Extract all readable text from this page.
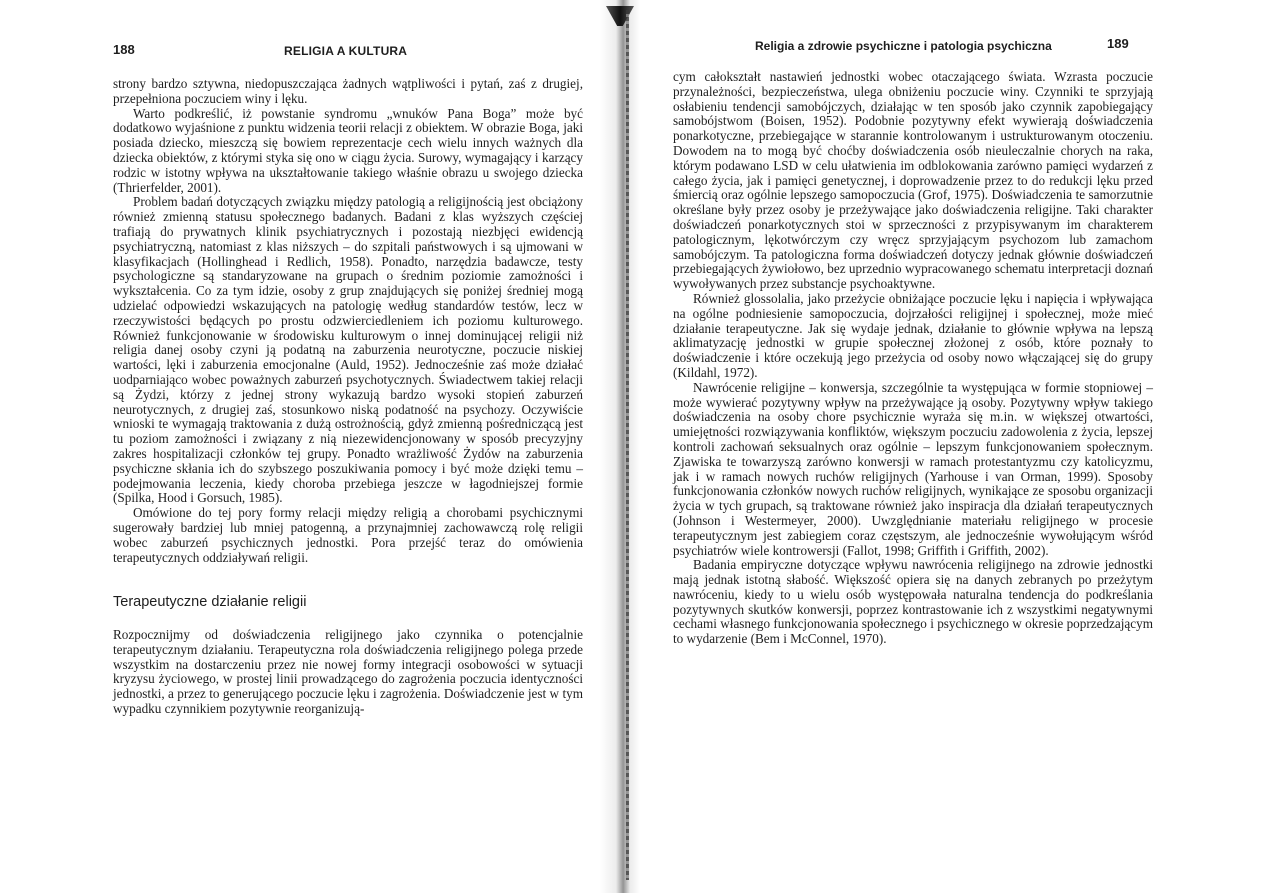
188	RELIGIA A KULTURA

strony bardzo sztywna, niedopuszczająca żadnych wątpliwości i pytań, zaś z drugiej, przepełniona poczuciem winy i lęku.

Warto podkreślić, iż powstanie syndromu „wnuków Pana Boga” może być dodatkowo wyjaśnione z punktu widzenia teorii relacji z obiektem. W obrazie Boga, jaki posiada dziecko, mieszczą się bowiem reprezentacje cech wielu innych ważnych dla dziecka obiektów, z którymi styka się ono w ciągu życia. Surowy, wymagający i karzący rodzic w istotny wpływa na ukształtowanie takiego właśnie obrazu u swojego dziecka (Thrierfelder, 2001).

Problem badań dotyczących związku między patologią a religijnością jest obciążony również zmienną statusu społecznego badanych. Badani z klas wyższych częściej trafiają do prywatnych klinik psychiatrycznych i pozostają niezbjęci ewidencją psychiatryczną, natomiast z klas niższych – do szpitali państwowych i są ujmowani w klasyfikacjach (Hollinghead i Redlich, 1958). Ponadto, narzędzia badawcze, testy psychologiczne są standaryzowane na grupach o średnim poziomie zamożności i wykształcenia. Co za tym idzie, osoby z grup znajdujących się poniżej średniej mogą udzielać odpowiedzi wskazujących na patologię według standardów testów, lecz w rzeczywistości będących po prostu odzwierciedleniem ich poziomu kulturowego. Również funkcjonowanie w środowisku kulturowym o innej dominującej religii niż religia danej osoby czyni ją podatną na zaburzenia neurotyczne, poczucie niskiej wartości, lęki i zaburzenia emocjonalne (Auld, 1952). Jednocześnie zaś może działać uodparniająco wobec poważnych zaburzeń psychotycznych. Świadectwem takiej relacji są Żydzi, którzy z jednej strony wykazują bardzo wysoki stopień zaburzeń neurotycznych, z drugiej zaś, stosunkowo niską podatność na psychozy. Oczywiście wnioski te wymagają traktowania z dużą ostrożnością, gdyż zmienną pośredniczącą jest tu poziom zamożności i związany z nią niezewidencjonowany w sposób precyzyjny zakres hospitalizacji członków tej grupy. Ponadto wrażliwość Żydów na zaburzenia psychiczne skłania ich do szybszego poszukiwania pomocy i być może dzięki temu – podejmowania leczenia, kiedy choroba przebiega jeszcze w łagodniejszej formie (Spilka, Hood i Gorsuch, 1985).

Omówione do tej pory formy relacji między religią a chorobami psychicznymi sugerowały bardziej lub mniej patogenną, a przynajmniej zachowawczą rolę religii wobec zaburzeń psychicznych jednostki. Pora przejść teraz do omówienia terapeutycznych oddziaływań religii.

Terapeutyczne działanie religii

Rozpocznijmy od doświadczenia religijnego jako czynnika o potencjalnie terapeutycznym działaniu. Terapeutyczna rola doświadczenia religijnego polega przede wszystkim na dostarczeniu przez nie nowej formy integracji osobowości w sytuacji kryzysu życiowego, w prostej linii prowadzącego do zagrożenia poczucia identyczności jednostki, a przez to generującego poczucie lęku i zagrożenia. Doświadczenie jest w tym wypadku czynnikiem pozytywnie reorganizują-

Religia a zdrowie psychiczne i patologia psychiczna	189

cym całokształt nastawień jednostki wobec otaczającego świata. Wzrasta poczucie przynależności, bezpieczeństwa, ulega obniżeniu poczucie winy. Czynniki te sprzyjają osłabieniu tendencji samobójczych, działając w ten sposób jako czynnik zapobiegający samobójstwom (Boisen, 1952). Podobnie pozytywny efekt wywierają doświadczenia ponarkotyczne, przebiegające w starannie kontrolowanym i ustrukturowanym otoczeniu. Dowodem na to mogą być choćby doświadczenia osób nieuleczalnie chorych na raka, którym podawano LSD w celu ułatwienia im odblokowania zarówno pamięci wydarzeń z całego życia, jak i pamięci genetycznej, i doprowadzenie przez to do redukcji lęku przed śmiercią oraz ogólnie lepszego samopoczucia (Grof, 1975). Doświadczenia te samorzutnie określane były przez osoby je przeżywające jako doświadczenia religijne. Taki charakter doświadczeń ponarkotycznych stoi w sprzeczności z przypisywanym im charakterem patologicznym, lękotwórczym czy wręcz sprzyjającym psychozom lub zamachom samobójczym. Ta patologiczna forma doświadczeń dotyczy jednak głównie doświadczeń przebiegających żywiołowo, bez uprzednio wypracowanego schematu interpretacji doznań wywoływanych przez substancje psychoaktywne.

Również glossolalia, jako przeżycie obniżające poczucie lęku i napięcia i wpływająca na ogólne podniesienie samopoczucia, dojrzałości religijnej i społecznej, może mieć działanie terapeutyczne. Jak się wydaje jednak, działanie to głównie wpływa na lepszą aklimatyzację jednostki w grupie społecznej złożonej z osób, które poznały to doświadczenie i które oczekują jego przeżycia od osoby nowo włączającej się do grupy (Kildahl, 1972).

Nawrócenie religijne – konwersja, szczególnie ta występująca w formie stopniowej – może wywierać pozytywny wpływ na przeżywające ją osoby. Pozytywny wpływ takiego doświadczenia na osoby chore psychicznie wyraża się m.in. w większej otwartości, umiejętności rozwiązywania konfliktów, większym poczuciu zadowolenia z życia, lepszej kontroli zachowań seksualnych oraz ogólnie – lepszym funkcjonowaniem społecznym. Zjawiska te towarzyszą zarówno konwersji w ramach protestantyzmu czy katolicyzmu, jak i w ramach nowych ruchów religijnych (Yarhouse i van Orman, 1999). Sposoby funkcjonowania członków nowych ruchów religijnych, wynikające ze sposobu organizacji życia w tych grupach, są traktowane również jako inspiracja dla działań terapeutycznych (Johnson i Westermeyer, 2000). Uwzględnianie materiału religijnego w procesie terapeutycznym jest zabiegiem coraz częstszym, ale jednocześnie wywołującym wśród psychiatrów wiele kontrowersji (Fallot, 1998; Griffith i Griffith, 2002).

Badania empiryczne dotyczące wpływu nawrócenia religijnego na zdrowie jednostki mają jednak istotną słabość. Większość opiera się na danych zebranych po przeżytym nawróceniu, kiedy to u wielu osób występowała naturalna tendencja do podkreślania pozytywnych skutków konwersji, poprzez kontrastowanie ich z wszystkimi negatywnymi cechami własnego funkcjonowania społecznego i psychicznego w okresie poprzedzającym to wydarzenie (Bem i McConnel, 1970).
